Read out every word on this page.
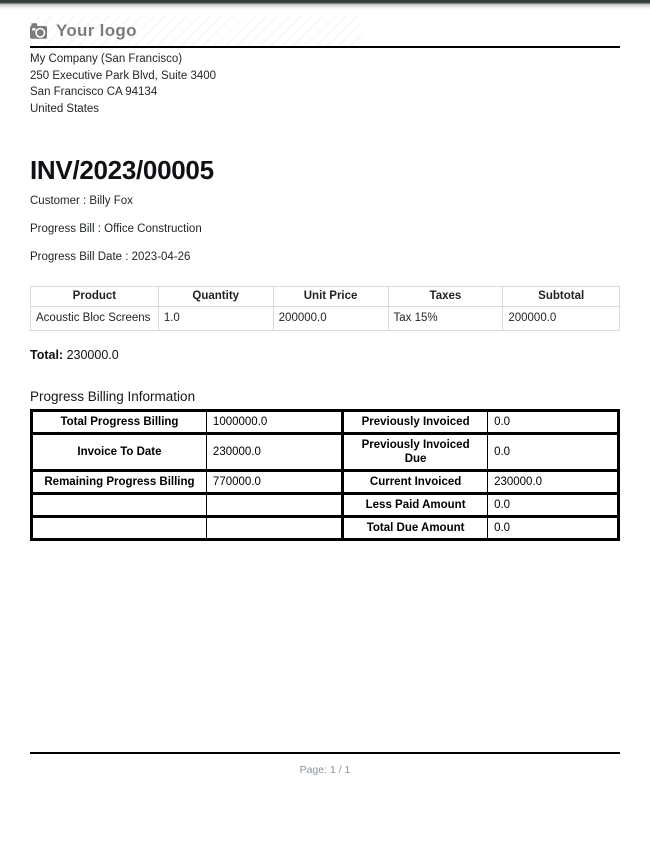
Your logo
My Company (San Francisco)
250 Executive Park Blvd, Suite 3400
San Francisco CA 94134
United States
INV/2023/00005
Customer : Billy Fox
Progress Bill : Office Construction
Progress Bill Date : 2023-04-26
Product	Quantity	Unit Price	Taxes	Subtotal
Acoustic Bloc Screens	1.0	200000.0	Tax 15%	200000.0
Total: 230000.0
Progress Billing Information
Total Progress Billing	1000000.0	Previously Invoiced	0.0
Invoice To Date	230000.0	Previously Invoiced Due	0.0
Remaining Progress Billing	770000.0	Current Invoiced	230000.0
		Less Paid Amount	0.0
		Total Due Amount	0.0
Page: 1 / 1
